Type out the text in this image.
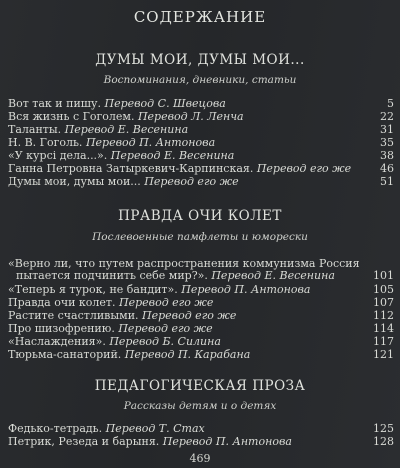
СОДЕРЖАНИЕ
ДУМЫ МОИ, ДУМЫ МОИ...
Воспоминания, дневники, статьи
Вот так и пишу. Перевод С. Швецова	5
Вся жизнь с Гоголем. Перевод Л. Ленча	22
Таланты. Перевод Е. Весенина	31
Н. В. Гоголь. Перевод П. Антонова	35
«У курсi дела...». Перевод Е. Весенина	38
Ганна Петровна Затыркевич-Карпинская. Перевод его же	46
Думы мои, думы мои... Перевод его же	51
ПРАВДА ОЧИ КОЛЕТ
Послевоенные памфлеты и юморески
«Верно ли, что путем распространения коммунизма Россия
пытается подчинить себе мир?». Перевод Е. Весенина	101
«Теперь я турок, не бандит». Перевод П. Антонова	105
Правда очи колет. Перевод его же	107
Растите счастливыми. Перевод его же	112
Про шизофрению. Перевод его же	114
«Наслаждения». Перевод Б. Силина	117
Тюрьма-санаторий. Перевод П. Карабана	121
ПЕДАГОГИЧЕСКАЯ ПРОЗА
Рассказы детям и о детях
Федько-тетрадь. Перевод Т. Стах	125
Петрик, Резеда и барыня. Перевод П. Антонова	128
469
